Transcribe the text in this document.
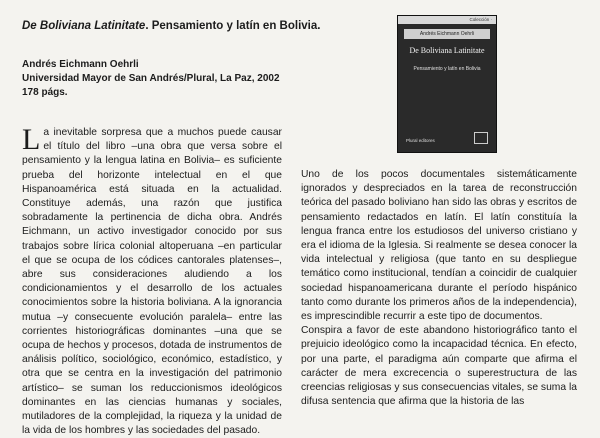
De Boliviana Latinitate. Pensamiento y latín en Bolivia.
Andrés Eichmann Oehrli
Universidad Mayor de San Andrés/Plural, La Paz, 2002
178 págs.
Colección ·
Andrés Eichmann Oehrli
De Boliviana Latinitate
Pensamiento y latín en Bolivia
Plural editores
La inevitable sorpresa que a muchos puede causar el título del libro –una obra que versa sobre el pensamiento y la lengua latina en Bolivia– es suficiente prueba del horizonte intelectual en el que Hispanoamérica está situada en la actualidad. Constituye además, una razón que justifica sobradamente la pertinencia de dicha obra. Andrés Eichmann, un activo investigador conocido por sus trabajos sobre lírica colonial altoperuana –en particular el que se ocupa de los códices cantorales platenses–, abre sus consideraciones aludiendo a los condicionamientos y el desarrollo de los actuales conocimientos sobre la historia boliviana. A la ignorancia mutua –y consecuente evolución paralela– entre las corrientes historiográficas dominantes –una que se ocupa de hechos y procesos, dotada de instrumentos de análisis político, sociológico, económico, estadístico, y otra que se centra en la investigación del patrimonio artístico– se suman los reduccionismos ideológicos dominantes en las ciencias humanas y sociales, mutiladores de la complejidad, la riqueza y la unidad de la vida de los hombres y las sociedades del pasado.

Uno de los pocos documentales sistemáticamente ignorados y despreciados en la tarea de reconstrucción teórica del pasado boliviano han sido las obras y escritos de pensamiento redactados en latín. El latín constituía la lengua franca entre los estudiosos del universo cristiano y era el idioma de la Iglesia. Si realmente se desea conocer la vida intelectual y religiosa (que tanto en su despliegue temático como institucional, tendían a coincidir de cualquier sociedad hispanoamericana durante el período hispánico tanto como durante los primeros años de la independencia), es imprescindible recurrir a este tipo de documentos.

Conspira a favor de este abandono historiográfico tanto el prejuicio ideológico como la incapacidad técnica. En efecto, por una parte, el paradigma aún comparte que afirma el carácter de mera excrecencia o superestructura de las creencias religiosas y sus consecuencias vitales, se suma la difusa sentencia que afirma que la historia de las
